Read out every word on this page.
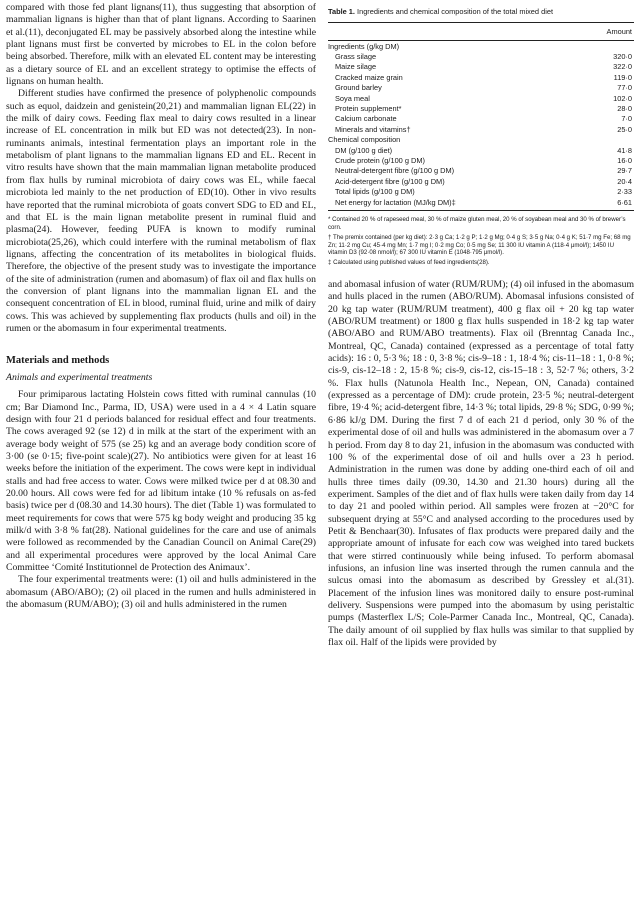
compared with those fed plant lignans(11), thus suggesting that absorption of mammalian lignans is higher than that of plant lignans. According to Saarinen et al.(11), deconjugated EL may be passively absorbed along the intestine while plant lignans must first be converted by microbes to EL in the colon before being absorbed. Therefore, milk with an elevated EL content may be interesting as a dietary source of EL and an excellent strategy to optimise the effects of lignans on human health.

Different studies have confirmed the presence of polyphenolic compounds such as equol, daidzein and genistein(20,21) and mammalian lignan EL(22) in the milk of dairy cows. Feeding flax meal to dairy cows resulted in a linear increase of EL concentration in milk but ED was not detected(23). In non-ruminants animals, intestinal fermentation plays an important role in the metabolism of plant lignans to the mammalian lignans ED and EL. Recent in vitro results have shown that the main mammalian lignan metabolite produced from flax hulls by ruminal microbiota of dairy cows was EL, while faecal microbiota led mainly to the net production of ED(10). Other in vivo results have reported that the ruminal microbiota of goats convert SDG to ED and EL, and that EL is the main lignan metabolite present in ruminal fluid and plasma(24). However, feeding PUFA is known to modify ruminal microbiota(25,26), which could interfere with the ruminal metabolism of flax lignans, affecting the concentration of its metabolites in biological fluids. Therefore, the objective of the present study was to investigate the importance of the site of administration (rumen and abomasum) of flax oil and flax hulls on the conversion of plant lignans into the mammalian lignan EL and the consequent concentration of EL in blood, ruminal fluid, urine and milk of dairy cows. This was achieved by supplementing flax products (hulls and oil) in the rumen or the abomasum in four experimental treatments.

Materials and methods
Animals and experimental treatments

Four primiparous lactating Holstein cows fitted with ruminal cannulas (10 cm; Bar Diamond Inc., Parma, ID, USA) were used in a 4 × 4 Latin square design with four 21 d periods balanced for residual effect and four treatments. The cows averaged 92 (se 12) d in milk at the start of the experiment with an average body weight of 575 (se 25) kg and an average body condition score of 3·00 (se 0·15; five-point scale)(27). No antibiotics were given for at least 16 weeks before the initiation of the experiment. The cows were kept in individual stalls and had free access to water. Cows were milked twice per d at 08.30 and 20.00 hours. All cows were fed for ad libitum intake (10 % refusals on as-fed basis) twice per d (08.30 and 14.30 hours). The diet (Table 1) was formulated to meet requirements for cows that were 575 kg body weight and producing 35 kg milk/d with 3·8 % fat(28). National guidelines for the care and use of animals were followed as recommended by the Canadian Council on Animal Care(29) and all experimental procedures were approved by the local Animal Care Committee ‘Comité Institutionnel de Protection des Animaux’.

The four experimental treatments were: (1) oil and hulls administered in the abomasum (ABO/ABO); (2) oil placed in the rumen and hulls administered in the abomasum (RUM/ABO); (3) oil and hulls administered in the rumen

Table 1. Ingredients and chemical composition of the total mixed diet
Amount
Ingredients (g/kg DM)	
Grass silage	320·0
Maize silage	322·0
Cracked maize grain	119·0
Ground barley	77·0
Soya meal	102·0
Protein supplement*	28·0
Calcium carbonate	7·0
Minerals and vitamins†	25·0
Chemical composition	
DM (g/100 g diet)	41·8
Crude protein (g/100 g DM)	16·0
Neutral-detergent fibre (g/100 g DM)	29·7
Acid-detergent fibre (g/100 g DM)	20·4
Total lipids (g/100 g DM)	2·33
Net energy for lactation (MJ/kg DM)‡	6·61

* Contained 20 % of rapeseed meal, 30 % of maize gluten meal, 20 % of soyabean meal and 30 % of brewer’s corn.

† The premix contained (per kg diet): 2·3 g Ca; 1·2 g P; 1·2 g Mg; 0·4 g S; 3·5 g Na; 0·4 g K; 51·7 mg Fe; 68 mg Zn; 11·2 mg Cu; 45·4 mg Mn; 1·7 mg I; 0·2 mg Co; 0·5 mg Se; 11 300 IU vitamin A (118·4 μmol/l); 1450 IU vitamin D3 (92·08 nmol/l); 67 300 IU vitamin E (1048·795 μmol/l).

‡ Calculated using published values of feed ingredients(28).

and abomasal infusion of water (RUM/RUM); (4) oil infused in the abomasum and hulls placed in the rumen (ABO/RUM). Abomasal infusions consisted of 20 kg tap water (RUM/RUM treatment), 400 g flax oil + 20 kg tap water (ABO/RUM treatment) or 1800 g flax hulls suspended in 18·2 kg tap water (ABO/ABO and RUM/ABO treatments). Flax oil (Brenntag Canada Inc., Montreal, QC, Canada) contained (expressed as a percentage of total fatty acids): 16 : 0, 5·3 %; 18 : 0, 3·8 %; cis-9–18 : 1, 18·4 %; cis-11–18 : 1, 0·8 %; cis-9, cis-12–18 : 2, 15·8 %; cis-9, cis-12, cis-15–18 : 3, 52·7 %; others, 3·2 %. Flax hulls (Natunola Health Inc., Nepean, ON, Canada) contained (expressed as a percentage of DM): crude protein, 23·5 %; neutral-detergent fibre, 19·4 %; acid-detergent fibre, 14·3 %; total lipids, 29·8 %; SDG, 0·99 %; 6·86 kJ/g DM. During the first 7 d of each 21 d period, only 30 % of the experimental dose of oil and hulls was administered in the abomasum over a 7 h period. From day 8 to day 21, infusion in the abomasum was conducted with 100 % of the experimental dose of oil and hulls over a 23 h period. Administration in the rumen was done by adding one-third each of oil and hulls three times daily (09.30, 14.30 and 21.30 hours) during all the experiment. Samples of the diet and of flax hulls were taken daily from day 14 to day 21 and pooled within period. All samples were frozen at −20°C for subsequent drying at 55°C and analysed according to the procedures used by Petit & Benchaar(30). Infusates of flax products were prepared daily and the appropriate amount of infusate for each cow was weighed into tared buckets that were stirred continuously while being infused. To perform abomasal infusions, an infusion line was inserted through the rumen cannula and the sulcus omasi into the abomasum as described by Gressley et al.(31). Placement of the infusion lines was monitored daily to ensure post-ruminal delivery. Suspensions were pumped into the abomasum by using peristaltic pumps (Masterflex L/S; Cole-Parmer Canada Inc., Montreal, QC, Canada). The daily amount of oil supplied by flax hulls was similar to that supplied by flax oil. Half of the lipids were provided by
